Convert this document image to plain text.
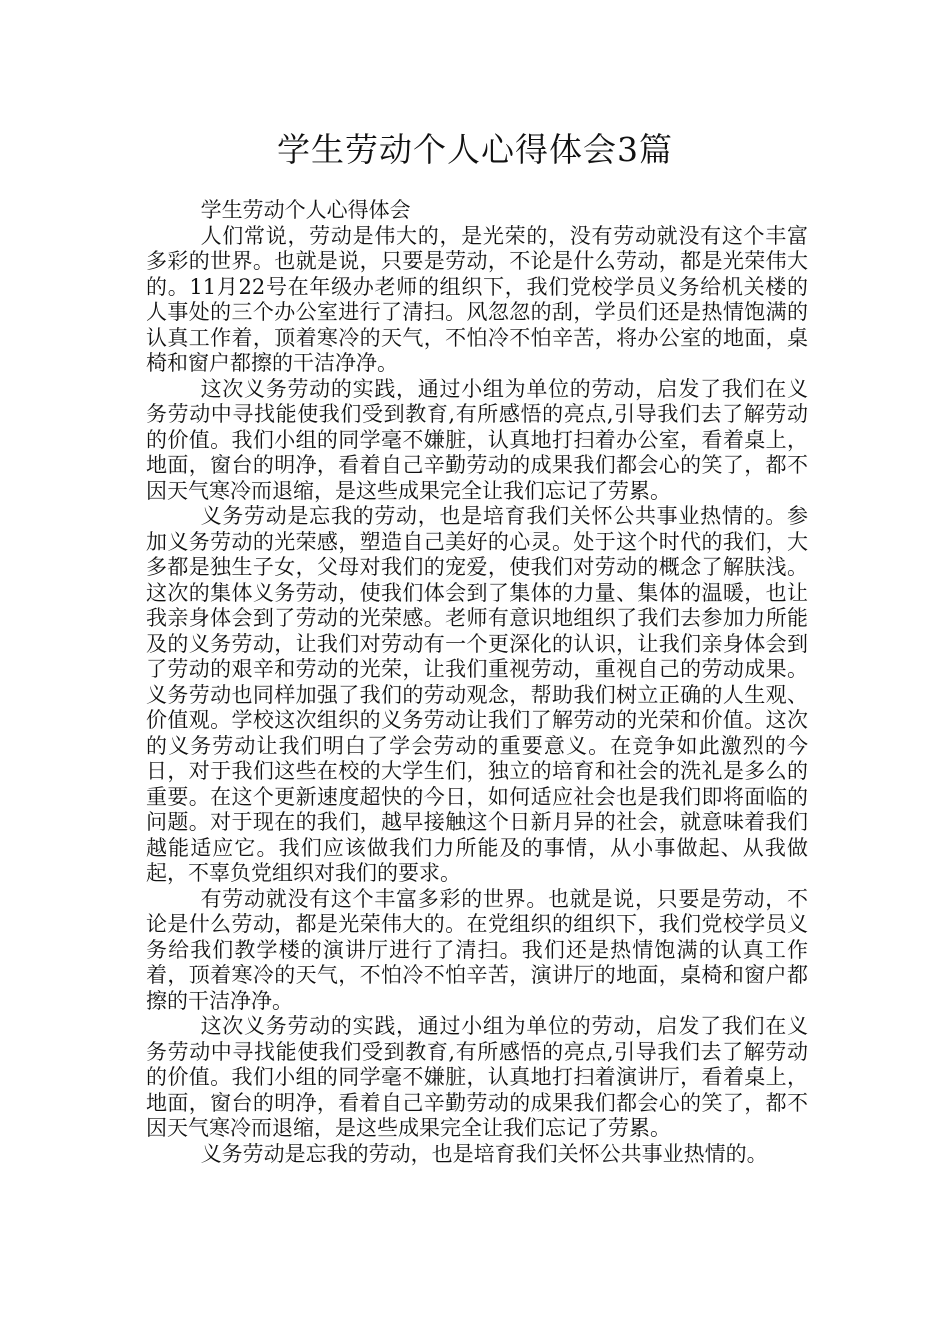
学生劳动个人心得体会3篇

学生劳动个人心得体会

人们常说，劳动是伟大的，是光荣的，没有劳动就没有这个丰富多彩的世界。也就是说，只要是劳动，不论是什么劳动，都是光荣伟大的。11月22号在年级办老师的组织下，我们党校学员义务给机关楼的人事处的三个办公室进行了清扫。风忽忽的刮，学员们还是热情饱满的认真工作着，顶着寒冷的天气，不怕冷不怕辛苦，将办公室的地面，桌椅和窗户都擦的干洁净净。

这次义务劳动的实践，通过小组为单位的劳动，启发了我们在义务劳动中寻找能使我们受到教育,有所感悟的亮点,引导我们去了解劳动的价值。我们小组的同学毫不嫌脏，认真地打扫着办公室，看着桌上，地面，窗台的明净，看着自己辛勤劳动的成果我们都会心的笑了，都不因天气寒冷而退缩，是这些成果完全让我们忘记了劳累。

义务劳动是忘我的劳动，也是培育我们关怀公共事业热情的。参加义务劳动的光荣感，塑造自己美好的心灵。处于这个时代的我们，大多都是独生子女，父母对我们的宠爱，使我们对劳动的概念了解肤浅。这次的集体义务劳动，使我们体会到了集体的力量、集体的温暖，也让我亲身体会到了劳动的光荣感。老师有意识地组织了我们去参加力所能及的义务劳动，让我们对劳动有一个更深化的认识，让我们亲身体会到了劳动的艰辛和劳动的光荣，让我们重视劳动，重视自己的劳动成果。义务劳动也同样加强了我们的劳动观念，帮助我们树立正确的人生观、价值观。学校这次组织的义务劳动让我们了解劳动的光荣和价值。这次的义务劳动让我们明白了学会劳动的重要意义。在竞争如此激烈的今日，对于我们这些在校的大学生们，独立的培育和社会的洗礼是多么的重要。在这个更新速度超快的今日，如何适应社会也是我们即将面临的问题。对于现在的我们，越早接触这个日新月异的社会，就意味着我们越能适应它。我们应该做我们力所能及的事情，从小事做起、从我做起，不辜负党组织对我们的要求。

有劳动就没有这个丰富多彩的世界。也就是说，只要是劳动，不论是什么劳动，都是光荣伟大的。在党组织的组织下，我们党校学员义务给我们教学楼的演讲厅进行了清扫。我们还是热情饱满的认真工作着，顶着寒冷的天气，不怕冷不怕辛苦，演讲厅的地面，桌椅和窗户都擦的干洁净净。

这次义务劳动的实践，通过小组为单位的劳动，启发了我们在义务劳动中寻找能使我们受到教育,有所感悟的亮点,引导我们去了解劳动的价值。我们小组的同学毫不嫌脏，认真地打扫着演讲厅，看着桌上，地面，窗台的明净，看着自己辛勤劳动的成果我们都会心的笑了，都不因天气寒冷而退缩，是这些成果完全让我们忘记了劳累。

义务劳动是忘我的劳动，也是培育我们关怀公共事业热情的。
